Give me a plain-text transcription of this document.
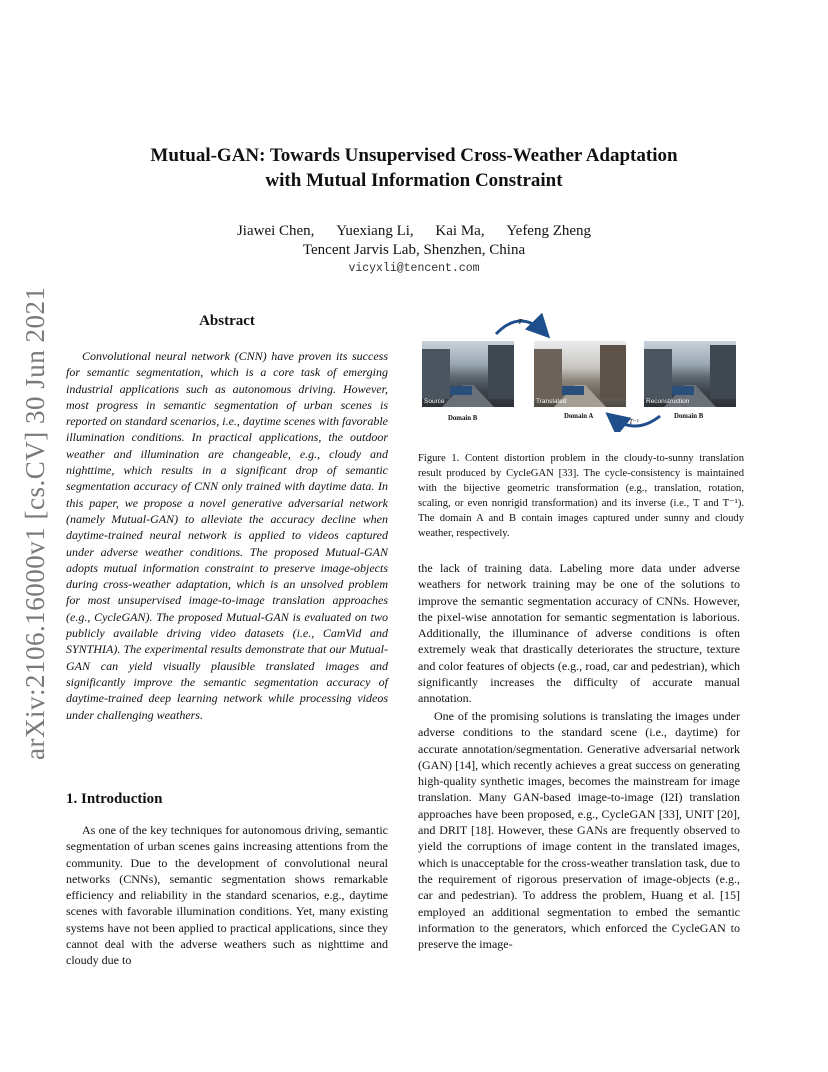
arXiv:2106.16000v1 [cs.CV] 30 Jun 2021
Mutual-GAN: Towards Unsupervised Cross-Weather Adaptation
with Mutual Information Constraint
Jiawei Chen, Yuexiang Li, Kai Ma, Yefeng Zheng
Tencent Jarvis Lab, Shenzhen, China
vicyxli@tencent.com
Abstract
Convolutional neural network (CNN) have proven its success for semantic segmentation, which is a core task of emerging industrial applications such as autonomous driving. However, most progress in semantic segmentation of urban scenes is reported on standard scenarios, i.e., daytime scenes with favorable illumination conditions. In practical applications, the outdoor weather and illumination are changeable, e.g., cloudy and nighttime, which results in a significant drop of semantic segmentation accuracy of CNN only trained with daytime data. In this paper, we propose a novel generative adversarial network (namely Mutual-GAN) to alleviate the accuracy decline when daytime-trained neural network is applied to videos captured under adverse weather conditions. The proposed Mutual-GAN adopts mutual information constraint to preserve image-objects during cross-weather adaptation, which is an unsolved problem for most unsupervised image-to-image translation approaches (e.g., CycleGAN). The proposed Mutual-GAN is evaluated on two publicly available driving video datasets (i.e., CamVid and SYNTHIA). The experimental results demonstrate that our Mutual-GAN can yield visually plausible translated images and significantly improve the semantic segmentation accuracy of daytime-trained deep learning network while processing videos under challenging weathers.
1. Introduction
As one of the key techniques for autonomous driving, semantic segmentation of urban scenes gains increasing attentions from the community. Due to the development of convolutional neural networks (CNNs), semantic segmentation shows remarkable efficiency and reliability in the standard scenarios, e.g., daytime scenes with favorable illumination conditions. Yet, many existing systems have not been applied to practical applications, since they cannot deal with the adverse weathers such as nighttime and cloudy due to
T
T⁻¹
Source	Translated	Reconstruction
Domain B	Domain A	Domain B
Figure 1. Content distortion problem in the cloudy-to-sunny translation result produced by CycleGAN [33]. The cycle-consistency is maintained with the bijective geometric transformation (e.g., translation, rotation, scaling, or even nonrigid transformation) and its inverse (i.e., T and T⁻¹). The domain A and B contain images captured under sunny and cloudy weather, respectively.
the lack of training data. Labeling more data under adverse weathers for network training may be one of the solutions to improve the semantic segmentation accuracy of CNNs. However, the pixel-wise annotation for semantic segmentation is laborious. Additionally, the illuminance of adverse conditions is often extremely weak that drastically deteriorates the structure, texture and color features of objects (e.g., road, car and pedestrian), which significantly increases the difficulty of accurate manual annotation.
One of the promising solutions is translating the images under adverse conditions to the standard scene (i.e., daytime) for accurate annotation/segmentation. Generative adversarial network (GAN) [14], which recently achieves a great success on generating high-quality synthetic images, becomes the mainstream for image translation. Many GAN-based image-to-image (I2I) translation approaches have been proposed, e.g., CycleGAN [33], UNIT [20], and DRIT [18]. However, these GANs are frequently observed to yield the corruptions of image content in the translated images, which is unacceptable for the cross-weather translation task, due to the requirement of rigorous preservation of image-objects (e.g., car and pedestrian). To address the problem, Huang et al. [15] employed an additional segmentation to embed the semantic information to the generators, which enforced the CycleGAN to preserve the image-
